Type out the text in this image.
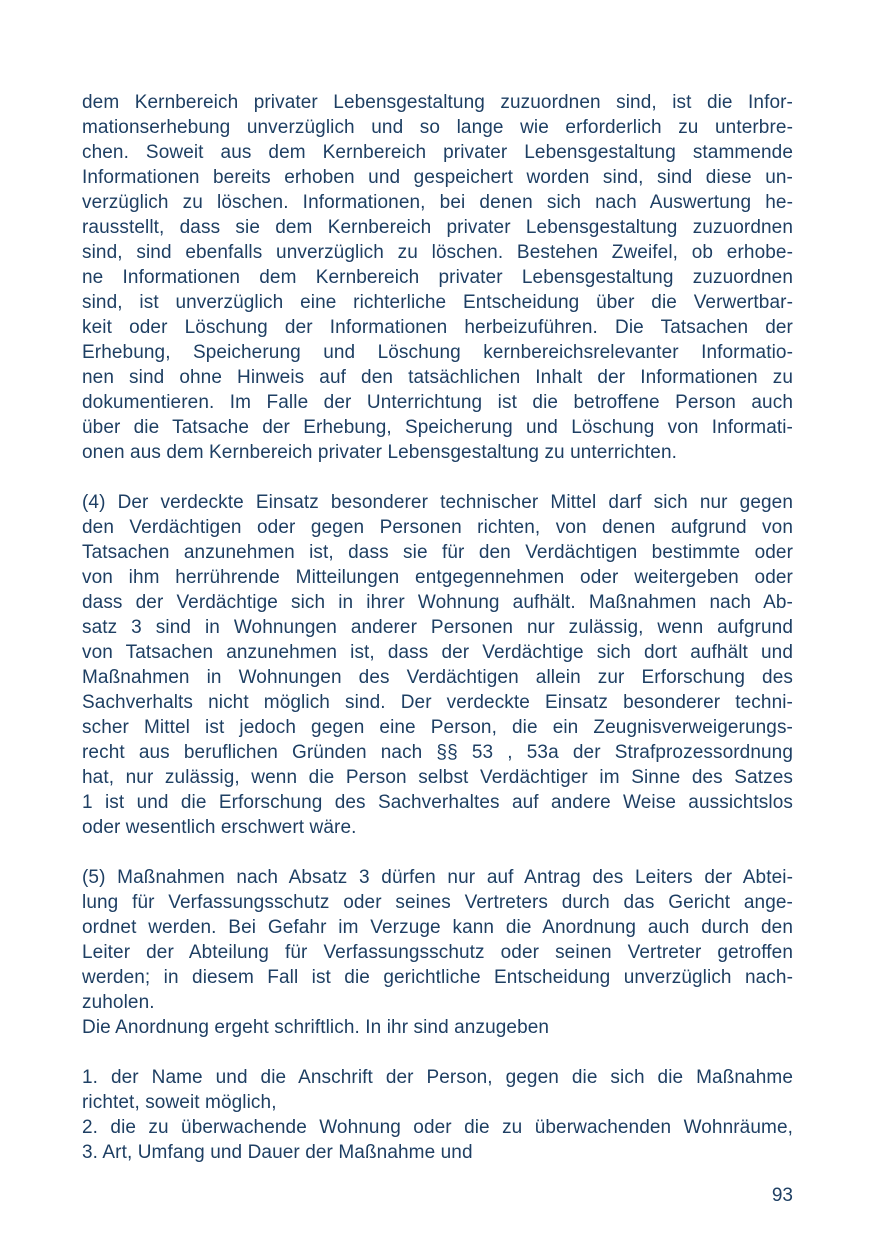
dem Kernbereich privater Lebensgestaltung zuzuordnen sind, ist die Infor-
mationserhebung unverzüglich und so lange wie erforderlich zu unterbre-
chen. Soweit aus dem Kernbereich privater Lebensgestaltung stammende
Informationen bereits erhoben und gespeichert worden sind, sind diese un-
verzüglich zu löschen. Informationen, bei denen sich nach Auswertung he-
rausstellt, dass sie dem Kernbereich privater Lebensgestaltung zuzuordnen
sind, sind ebenfalls unverzüglich zu löschen. Bestehen Zweifel, ob erhobe-
ne Informationen dem Kernbereich privater Lebensgestaltung zuzuordnen
sind, ist unverzüglich eine richterliche Entscheidung über die Verwertbar-
keit oder Löschung der Informationen herbeizuführen. Die Tatsachen der
Erhebung, Speicherung und Löschung kernbereichsrelevanter Informatio-
nen sind ohne Hinweis auf den tatsächlichen Inhalt der Informationen zu
dokumentieren. Im Falle der Unterrichtung ist die betroffene Person auch
über die Tatsache der Erhebung, Speicherung und Löschung von Informati-
onen aus dem Kernbereich privater Lebensgestaltung zu unterrichten.
(4) Der verdeckte Einsatz besonderer technischer Mittel darf sich nur gegen
den Verdächtigen oder gegen Personen richten, von denen aufgrund von
Tatsachen anzunehmen ist, dass sie für den Verdächtigen bestimmte oder
von ihm herrührende Mitteilungen entgegennehmen oder weitergeben oder
dass der Verdächtige sich in ihrer Wohnung aufhält. Maßnahmen nach Ab-
satz 3 sind in Wohnungen anderer Personen nur zulässig, wenn aufgrund
von Tatsachen anzunehmen ist, dass der Verdächtige sich dort aufhält und
Maßnahmen in Wohnungen des Verdächtigen allein zur Erforschung des
Sachverhalts nicht möglich sind. Der verdeckte Einsatz besonderer techni-
scher Mittel ist jedoch gegen eine Person, die ein Zeugnisverweigerungs-
recht aus beruflichen Gründen nach §§ 53 , 53a der Strafprozessordnung
hat, nur zulässig, wenn die Person selbst Verdächtiger im Sinne des Satzes
1 ist und die Erforschung des Sachverhaltes auf andere Weise aussichtslos
oder wesentlich erschwert wäre.
(5) Maßnahmen nach Absatz 3 dürfen nur auf Antrag des Leiters der Abtei-
lung für Verfassungsschutz oder seines Vertreters durch das Gericht ange-
ordnet werden. Bei Gefahr im Verzuge kann die Anordnung auch durch den
Leiter der Abteilung für Verfassungsschutz oder seinen Vertreter getroffen
werden; in diesem Fall ist die gerichtliche Entscheidung unverzüglich nach-
zuholen.
Die Anordnung ergeht schriftlich. In ihr sind anzugeben
1. der Name und die Anschrift der Person, gegen die sich die Maßnahme
richtet, soweit möglich,
2. die zu überwachende Wohnung oder die zu überwachenden Wohnräume,
3. Art, Umfang und Dauer der Maßnahme und
93
